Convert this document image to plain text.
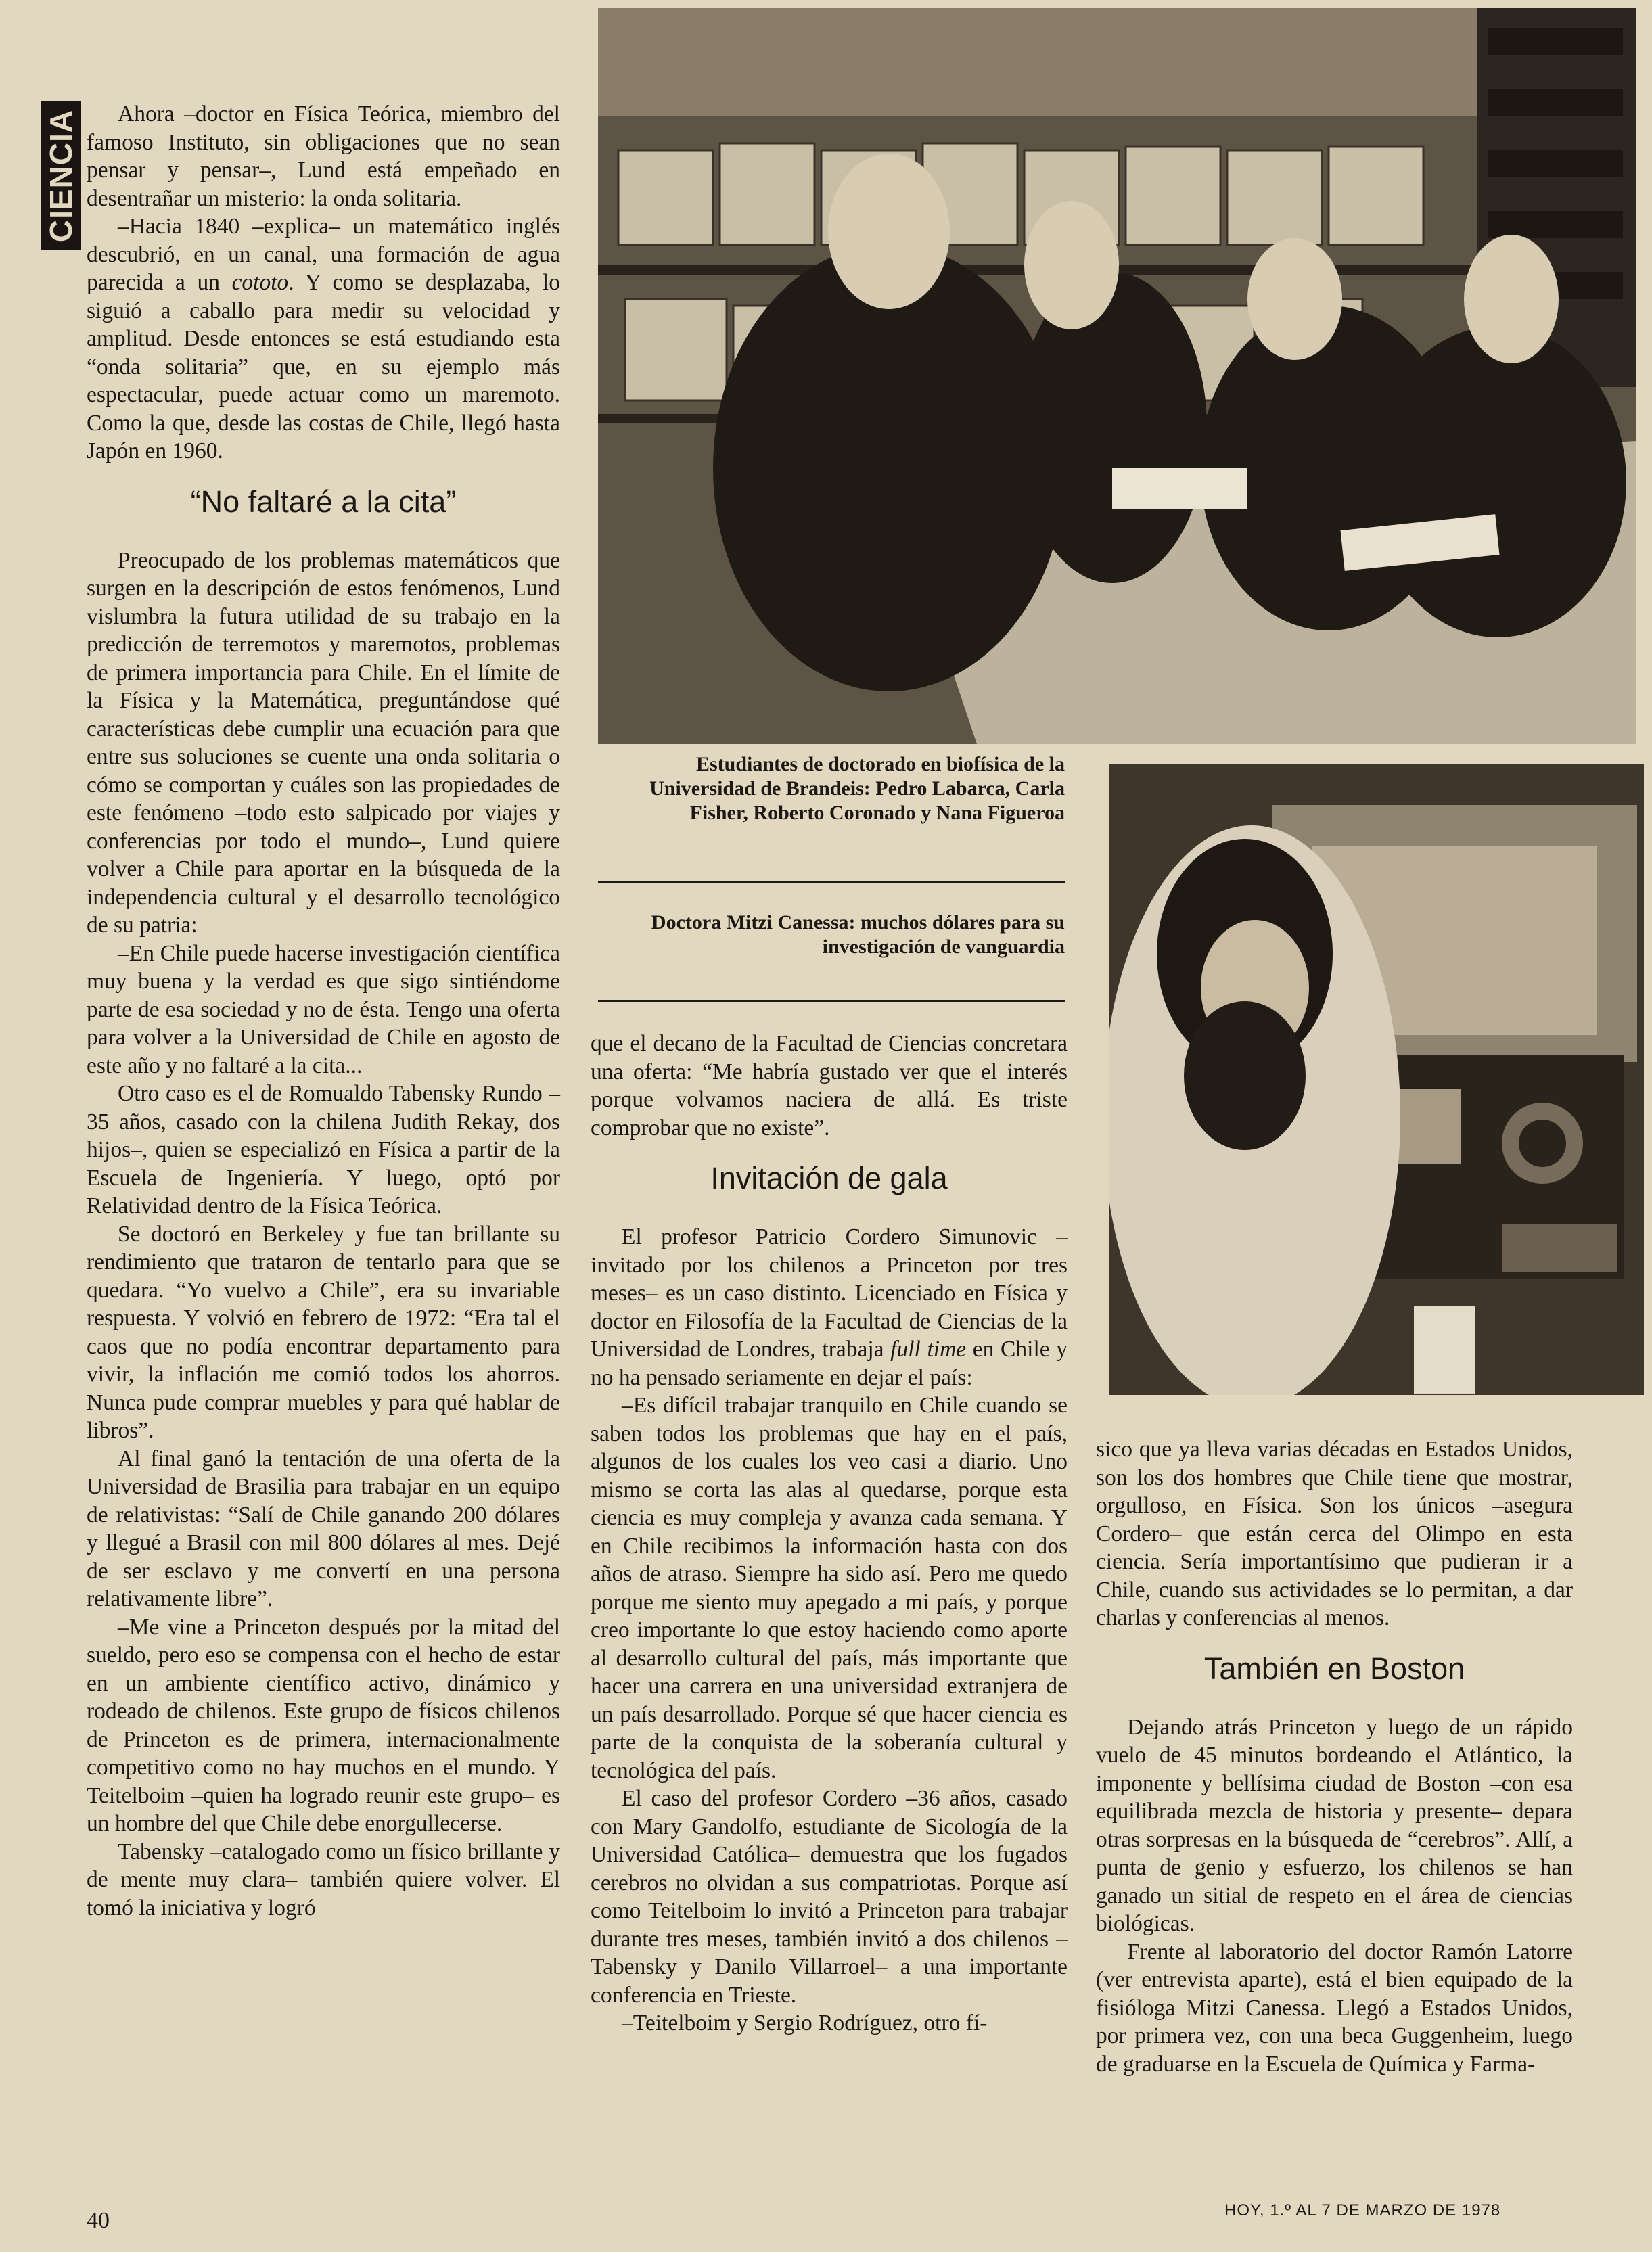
CIENCIA	Ahora –doctor en Física Teórica, miembro del famoso Instituto, sin obligaciones que no sean pensar y pensar–, Lund está empeñado en desentrañar un misterio: la onda solitaria.

–Hacia 1840 –explica– un matemático inglés descubrió, en un canal, una formación de agua parecida a un cototo. Y como se desplazaba, lo siguió a caballo para medir su velocidad y amplitud. Desde entonces se está estudiando esta “onda solitaria” que, en su ejemplo más espectacular, puede actuar como un maremoto. Como la que, desde las costas de Chile, llegó hasta Japón en 1960.

“No faltaré a la cita”

Preocupado de los problemas matemáticos que surgen en la descripción de estos fenómenos, Lund vislumbra la futura utilidad de su trabajo en la predicción de terremotos y maremotos, problemas de primera importancia para Chile. En el límite de la Física y la Matemática, preguntándose qué características debe cumplir una ecuación para que entre sus soluciones se cuente una onda solitaria o cómo se comportan y cuáles son las propiedades de este fenómeno –todo esto salpicado por viajes y conferencias por todo el mundo–, Lund quiere volver a Chile para aportar en la búsqueda de la independencia cultural y el desarrollo tecnológico de su patria:

–En Chile puede hacerse investigación científica muy buena y la verdad es que sigo sintiéndome parte de esa sociedad y no de ésta. Tengo una oferta para volver a la Universidad de Chile en agosto de este año y no faltaré a la cita...

Otro caso es el de Romualdo Tabensky Rundo –35 años, casado con la chilena Judith Rekay, dos hijos–, quien se especializó en Física a partir de la Escuela de Ingeniería. Y luego, optó por Relatividad dentro de la Física Teórica.

Se doctoró en Berkeley y fue tan brillante su rendimiento que trataron de tentarlo para que se quedara. “Yo vuelvo a Chile”, era su invariable respuesta. Y volvió en febrero de 1972: “Era tal el caos que no podía encontrar departamento para vivir, la inflación me comió todos los ahorros. Nunca pude comprar muebles y para qué hablar de libros”.

Al final ganó la tentación de una oferta de la Universidad de Brasilia para trabajar en un equipo de relativistas: “Salí de Chile ganando 200 dólares y llegué a Brasil con mil 800 dólares al mes. Dejé de ser esclavo y me convertí en una persona relativamente libre”.

–Me vine a Princeton después por la mitad del sueldo, pero eso se compensa con el hecho de estar en un ambiente científico activo, dinámico y rodeado de chilenos. Este grupo de físicos chilenos de Princeton es de primera, internacionalmente competitivo como no hay muchos en el mundo. Y Teitelboim –quien ha logrado reunir este grupo– es un hombre del que Chile debe enorgullecerse.

Tabensky –catalogado como un físico brillante y de mente muy clara– también quiere volver. El tomó la iniciativa y logró

Estudiantes de doctorado en biofísica de la Universidad de Brandeis: Pedro Labarca, Carla Fisher, Roberto Coronado y Nana Figueroa
Doctora Mitzi Canessa: muchos dólares para su investigación de vanguardia

que el decano de la Facultad de Ciencias concretara una oferta: “Me habría gustado ver que el interés porque volvamos naciera de allá. Es triste comprobar que no existe”.

Invitación de gala

El profesor Patricio Cordero Simunovic –invitado por los chilenos a Princeton por tres meses– es un caso distinto. Licenciado en Física y doctor en Filosofía de la Facultad de Ciencias de la Universidad de Londres, trabaja full time en Chile y no ha pensado seriamente en dejar el país:

–Es difícil trabajar tranquilo en Chile cuando se saben todos los problemas que hay en el país, algunos de los cuales los veo casi a diario. Uno mismo se corta las alas al quedarse, porque esta ciencia es muy compleja y avanza cada semana. Y en Chile recibimos la información hasta con dos años de atraso. Siempre ha sido así. Pero me quedo porque me siento muy apegado a mi país, y porque creo importante lo que estoy haciendo como aporte al desarrollo cultural del país, más importante que hacer una carrera en una universidad extranjera de un país desarrollado. Porque sé que hacer ciencia es parte de la conquista de la soberanía cultural y tecnológica del país.

El caso del profesor Cordero –36 años, casado con Mary Gandolfo, estudiante de Sicología de la Universidad Católica– demuestra que los fugados cerebros no olvidan a sus compatriotas. Porque así como Teitelboim lo invitó a Princeton para trabajar durante tres meses, también invitó a dos chilenos –Tabensky y Danilo Villarroel– a una importante conferencia en Trieste.

–Teitelboim y Sergio Rodríguez, otro fí-

sico que ya lleva varias décadas en Estados Unidos, son los dos hombres que Chile tiene que mostrar, orgulloso, en Física. Son los únicos –asegura Cordero– que están cerca del Olimpo en esta ciencia. Sería importantísimo que pudieran ir a Chile, cuando sus actividades se lo permitan, a dar charlas y conferencias al menos.

También en Boston

Dejando atrás Princeton y luego de un rápido vuelo de 45 minutos bordeando el Atlántico, la imponente y bellísima ciudad de Boston –con esa equilibrada mezcla de historia y presente– depara otras sorpresas en la búsqueda de “cerebros”. Allí, a punta de genio y esfuerzo, los chilenos se han ganado un sitial de respeto en el área de ciencias biológicas.

Frente al laboratorio del doctor Ramón Latorre (ver entrevista aparte), está el bien equipado de la fisióloga Mitzi Canessa. Llegó a Estados Unidos, por primera vez, con una beca Guggenheim, luego de graduarse en la Escuela de Química y Farma-

40	HOY, 1.º AL 7 DE MARZO DE 1978
